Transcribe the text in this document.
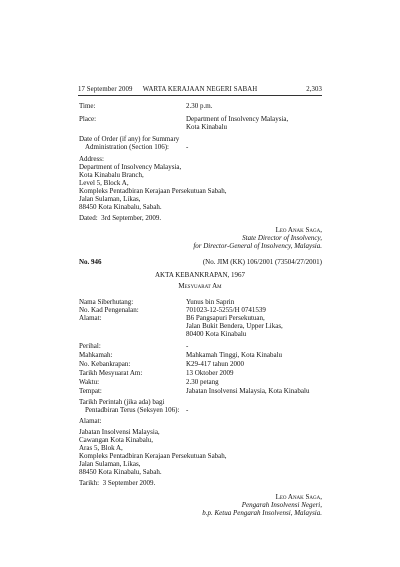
17 September 2009	WARTA KERAJAAN NEGERI SABAH	2,303
Time:	2.30 p.m.
Place:	Department of Insolvency Malaysia,
Kota Kinabalu
Date of Order (if any) for Summary
Administration (Section 106): -
Address:
Department of Insolvency Malaysia,
Kota Kinabalu Branch,
Level 5, Block A,
Kompleks Pentadbiran Kerajaan Persekutuan Sabah,
Jalan Sulaman, Likas,
88450 Kota Kinabalu, Sabah.
Dated:  3rd September, 2009.
Leo Anak Saga,
State Director of Insolvency,
for Director-General of Insolvency, Malaysia.
No. 946	(No. JIM (KK) 106/2001 (73504/27/2001)
AKTA KEBANKRAPAN, 1967
Mesyuarat Am
Nama Siberhutang:	Yunus bin Saprin
No. Kad Pengenalan:	701023-12-5255/H 0741539
Alamat:	B6 Pangsapuri Persekutuan,
Jalan Bukit Bendera, Upper Likas,
80400 Kota Kinabalu
Perihal:	-
Mahkamah:	Mahkamah Tinggi, Kota Kinabalu
No. Kebankrapan:	K29-417 tahun 2000
Tarikh Mesyuarat Am:	13 Oktober 2009
Waktu:	2.30 petang
Tempat:	Jabatan Insolvensi Malaysia, Kota Kinabalu
Tarikh Perintah (jika ada) bagi
Pentadbiran Terus (Seksyen 106): -
Alamat:
Jabatan Insolvensi Malaysia,
Cawangan Kota Kinabalu,
Aras 5, Blok A,
Kompleks Pentadbiran Kerajaan Persekutuan Sabah,
Jalan Sulaman, Likas,
88450 Kota Kinabalu, Sabah.
Tarikh:  3 September 2009.
Leo Anak Saga,
Pengarah Insolvensi Negeri,
b.p. Ketua Pengarah Insolvensi, Malaysia.
